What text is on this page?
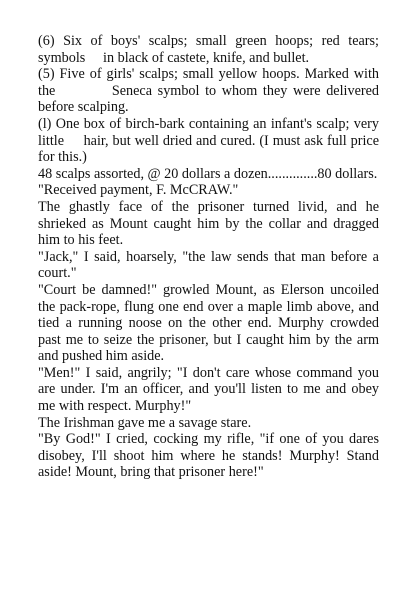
(6) Six of boys' scalps; small green hoops; red tears; symbols     in black of castete, knife, and bullet.

(5) Five of girls' scalps; small yellow hoops. Marked with the          Seneca symbol to whom they were delivered before scalping.

(l) One box of birch-bark containing an infant's scalp; very little     hair, but well dried and cured. (I must ask full price     for this.)

48 scalps assorted, @ 20 dollars a dozen..............80 dollars.

"Received payment, F. McCRAW."

The ghastly face of the prisoner turned livid, and he shrieked as Mount caught him by the collar and dragged him to his feet.

"Jack," I said, hoarsely, "the law sends that man before a court."

"Court be damned!" growled Mount, as Elerson uncoiled the pack-rope, flung one end over a maple limb above, and tied a running noose on the other end. Murphy crowded past me to seize the prisoner, but I caught him by the arm and pushed him aside.

"Men!" I said, angrily; "I don't care whose command you are under. I'm an officer, and you'll listen to me and obey me with respect. Murphy!"

The Irishman gave me a savage stare.

"By God!" I cried, cocking my rifle, "if one of you dares disobey, I'll shoot him where he stands! Murphy! Stand aside! Mount, bring that prisoner here!"
